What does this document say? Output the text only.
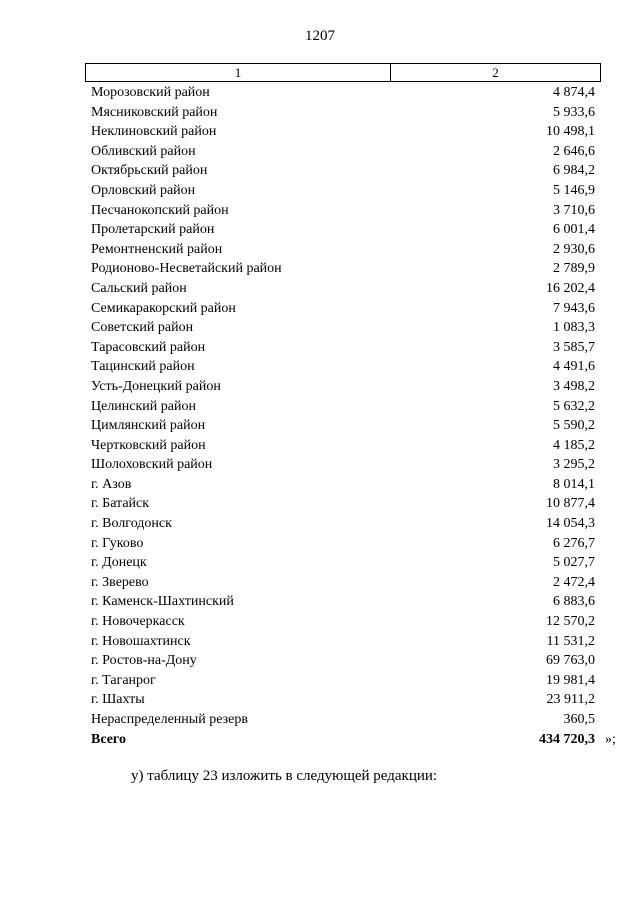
1207
1	2
Морозовский район	4 874,4
Мясниковский район	5 933,6
Неклиновский район	10 498,1
Обливский район	2 646,6
Октябрьский район	6 984,2
Орловский район	5 146,9
Песчанокопский район	3 710,6
Пролетарский район	6 001,4
Ремонтненский район	2 930,6
Родионово-Несветайский район	2 789,9
Сальский район	16 202,4
Семикаракорский район	7 943,6
Советский район	1 083,3
Тарасовский район	3 585,7
Тацинский район	4 491,6
Усть-Донецкий район	3 498,2
Целинский район	5 632,2
Цимлянский район	5 590,2
Чертковский район	4 185,2
Шолоховский район	3 295,2
г. Азов	8 014,1
г. Батайск	10 877,4
г. Волгодонск	14 054,3
г. Гуково	6 276,7
г. Донецк	5 027,7
г. Зверево	2 472,4
г. Каменск-Шахтинский	6 883,6
г. Новочеркасск	12 570,2
г. Новошахтинск	11 531,2
г. Ростов-на-Дону	69 763,0
г. Таганрог	19 981,4
г. Шахты	23 911,2
Нераспределенный резерв	360,5
Всего	434 720,3 »;
у) таблицу 23 изложить в следующей редакции:
